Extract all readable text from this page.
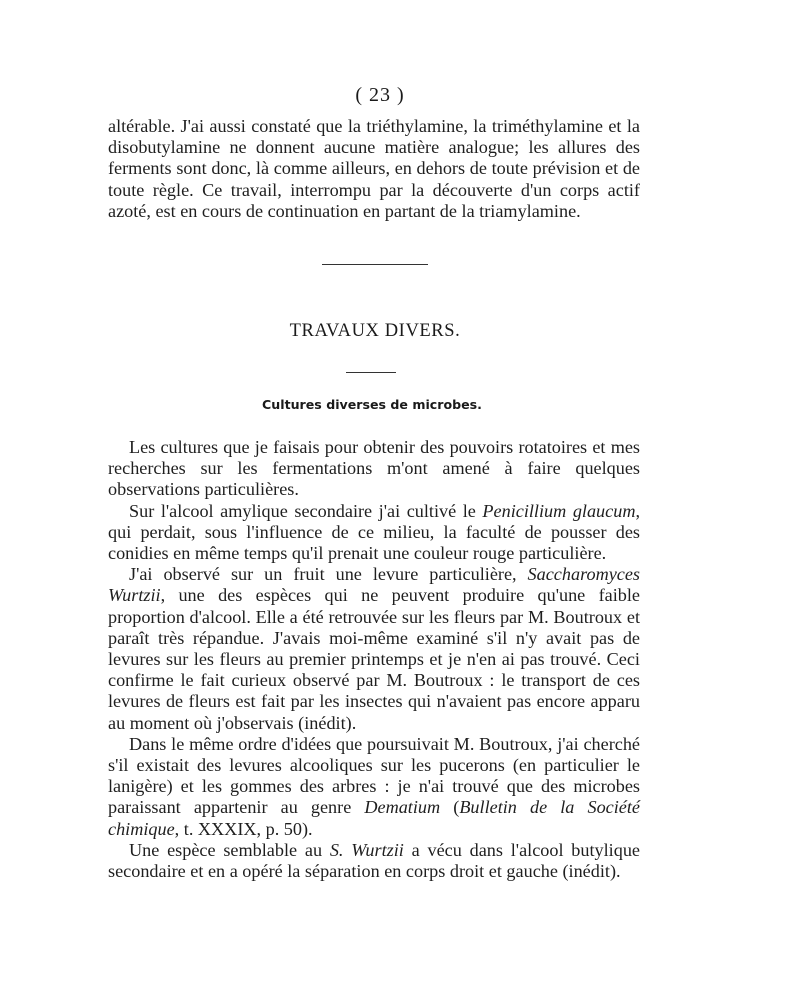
( 23 )

altérable. J'ai aussi constaté que la triéthylamine, la triméthylamine et la disobutylamine ne donnent aucune matière analogue; les allures des ferments sont donc, là comme ailleurs, en dehors de toute prévision et de toute règle. Ce travail, interrompu par la découverte d'un corps actif azoté, est en cours de continuation en partant de la triamylamine.

TRAVAUX DIVERS.
Cultures diverses de microbes.

Les cultures que je faisais pour obtenir des pouvoirs rotatoires et mes recherches sur les fermentations m'ont amené à faire quelques observations particulières.

Sur l'alcool amylique secondaire j'ai cultivé le Penicillium glaucum, qui perdait, sous l'influence de ce milieu, la faculté de pousser des conidies en même temps qu'il prenait une couleur rouge particulière.

J'ai observé sur un fruit une levure particulière, Saccharomyces Wurtzii, une des espèces qui ne peuvent produire qu'une faible proportion d'alcool. Elle a été retrouvée sur les fleurs par M. Boutroux et paraît très répandue. J'avais moi-même examiné s'il n'y avait pas de levures sur les fleurs au premier printemps et je n'en ai pas trouvé. Ceci confirme le fait curieux observé par M. Boutroux : le transport de ces levures de fleurs est fait par les insectes qui n'avaient pas encore apparu au moment où j'observais (inédit).

Dans le même ordre d'idées que poursuivait M. Boutroux, j'ai cherché s'il existait des levures alcooliques sur les pucerons (en particulier le lanigère) et les gommes des arbres : je n'ai trouvé que des microbes paraissant appartenir au genre Dematium (Bulletin de la Société chimique, t. XXXIX, p. 50).

Une espèce semblable au S. Wurtzii a vécu dans l'alcool butylique secondaire et en a opéré la séparation en corps droit et gauche (inédit).
